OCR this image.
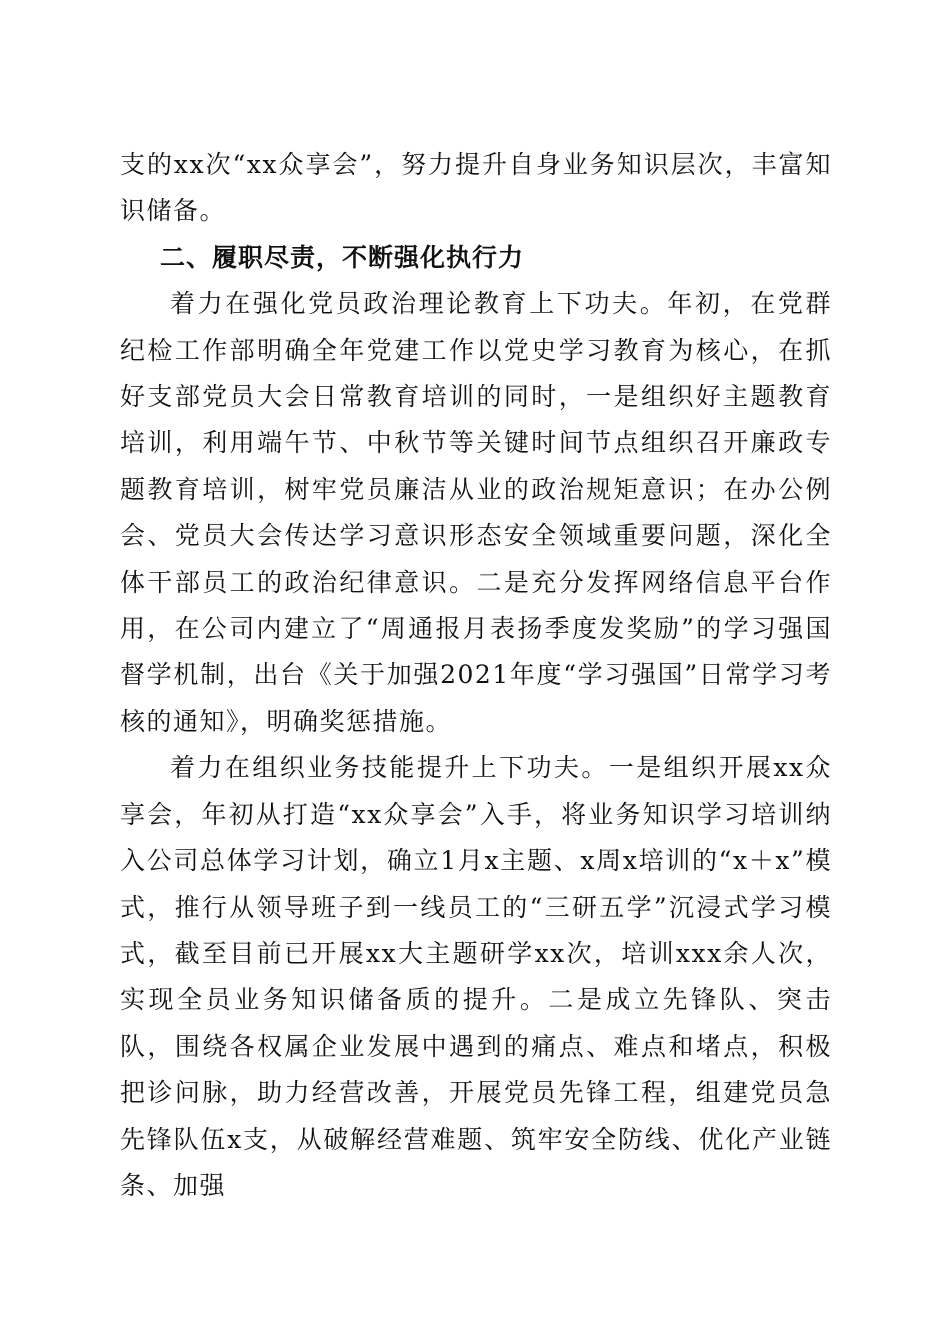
支的xx次“xx众享会”，努力提升自身业务知识层次，丰富知识储备。

二、履职尽责，不断强化执行力

着力在强化党员政治理论教育上下功夫。年初，在党群纪检工作部明确全年党建工作以党史学习教育为核心，在抓好支部党员大会日常教育培训的同时，一是组织好主题教育培训，利用端午节、中秋节等关键时间节点组织召开廉政专题教育培训，树牢党员廉洁从业的政治规矩意识；在办公例会、党员大会传达学习意识形态安全领域重要问题，深化全体干部员工的政治纪律意识。二是充分发挥网络信息平台作用，在公司内建立了“周通报月表扬季度发奖励”的学习强国督学机制，出台《关于加强2021年度“学习强国”日常学习考核的通知》，明确奖惩措施。

着力在组织业务技能提升上下功夫。一是组织开展xx众享会，年初从打造“xx众享会”入手，将业务知识学习培训纳入公司总体学习计划，确立1月x主题、x周x培训的“x＋x”模式，推行从领导班子到一线员工的“三研五学”沉浸式学习模式，截至目前已开展xx大主题研学xx次，培训xxx余人次，实现全员业务知识储备质的提升。二是成立先锋队、突击队，围绕各权属企业发展中遇到的痛点、难点和堵点，积极把诊问脉，助力经营改善，开展党员先锋工程，组建党员急先锋队伍x支，从破解经营难题、筑牢安全防线、优化产业链条、加强
